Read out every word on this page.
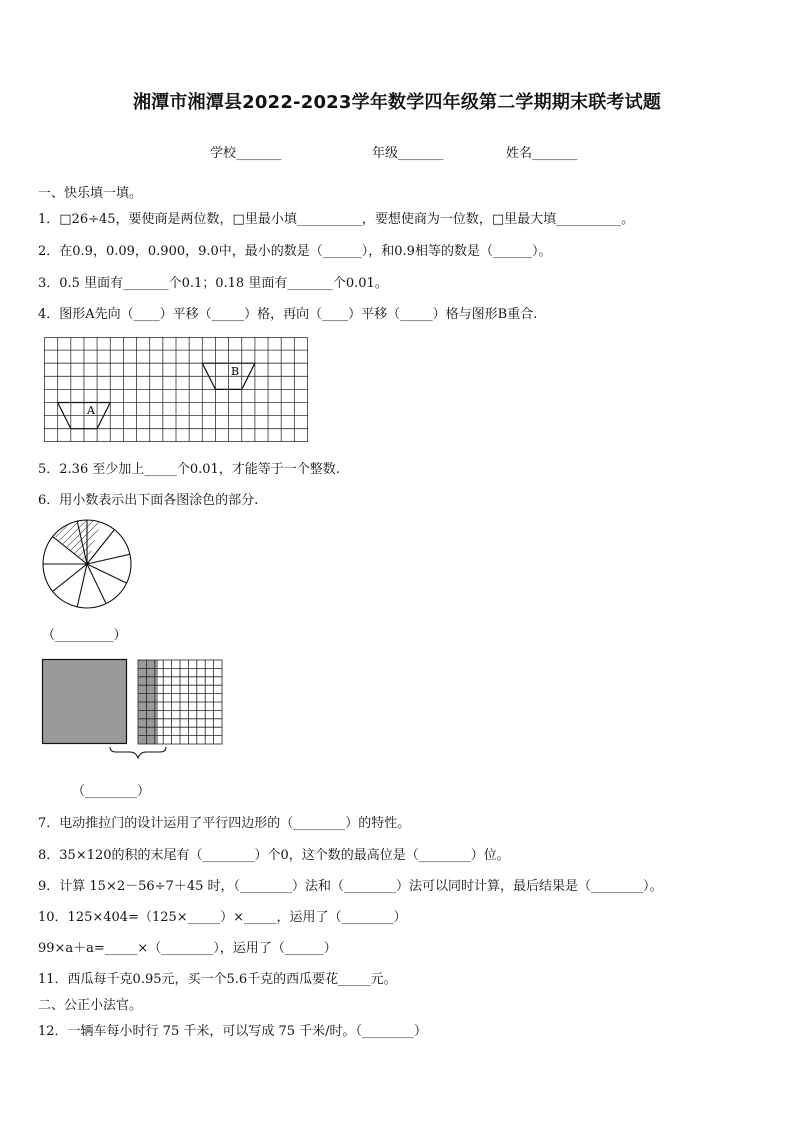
湘潭市湘潭县2022-2023学年数学四年级第二学期期末联考试题
学校_______	年级_______	姓名_______
一、快乐填一填。
1．□26÷45，要使商是两位数，□里最小填__________，要想使商为一位数，□里最大填__________。
2．在0.9，0.09，0.900，9.0中，最小的数是（______），和0.9相等的数是（______）。
3．0.5 里面有_______个0.1；0.18 里面有_______个0.01。
4．图形A先向（____）平移（_____）格，再向（____）平移（_____）格与图形B重合.
A
B
5．2.36 至少加上_____个0.01，才能等于一个整数.
6．用小数表示出下面各图涂色的部分.
（_________）
（________）
7．电动推拉门的设计运用了平行四边形的（________）的特性。
8．35×120的积的末尾有（________）个0，这个数的最高位是（________）位。
9．计算 15×2－56÷7＋45 时，（________）法和（________）法可以同时计算，最后结果是（________）。
10．125×404=（125×_____）×_____，运用了（________）
99×a＋a=_____×（________），运用了（______）
11．西瓜每千克0.95元，买一个5.6千克的西瓜要花_____元。
二、公正小法官。
12．一辆车每小时行 75 千米，可以写成 75 千米/时。（________）
